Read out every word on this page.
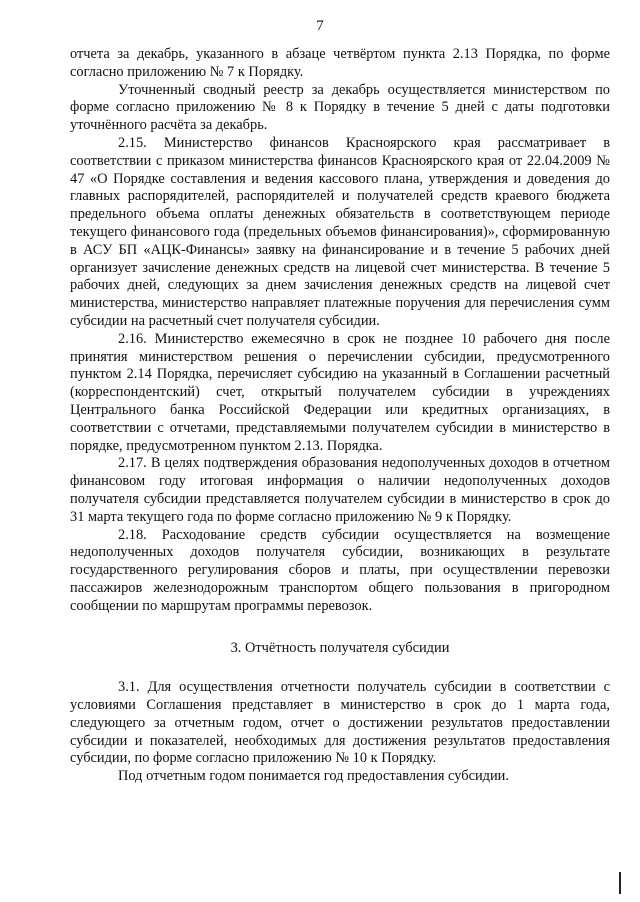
7

отчета за декабрь, указанного в абзаце четвёртом пункта 2.13 Порядка, по форме согласно приложению № 7 к Порядку.

Уточненный сводный реестр за декабрь осуществляется министерством по форме согласно приложению № 8 к Порядку в течение 5 дней с даты подготовки уточнённого расчёта за декабрь.

2.15. Министерство финансов Красноярского края рассматривает в соответствии с приказом министерства финансов Красноярского края от 22.04.2009 № 47 «О Порядке составления и ведения кассового плана, утверждения и доведения до главных распорядителей, распорядителей и получателей средств краевого бюджета предельного объема оплаты денежных обязательств в соответствующем периоде текущего финансового года (предельных объемов финансирования)», сформированную в АСУ БП «АЦК-Финансы» заявку на финансирование и в течение 5 рабочих дней организует зачисление денежных средств на лицевой счет министерства. В течение 5 рабочих дней, следующих за днем зачисления денежных средств на лицевой счет министерства, министерство направляет платежные поручения для перечисления сумм субсидии на расчетный счет получателя субсидии.

2.16. Министерство ежемесячно в срок не позднее 10 рабочего дня после принятия министерством решения о перечислении субсидии, предусмотренного пунктом 2.14 Порядка, перечисляет субсидию на указанный в Соглашении расчетный (корреспондентский) счет, открытый получателем субсидии в учреждениях Центрального банка Российской Федерации или кредитных организациях, в соответствии с отчетами, представляемыми получателем субсидии в министерство в порядке, предусмотренном пунктом 2.13. Порядка.

2.17. В целях подтверждения образования недополученных доходов в отчетном финансовом году итоговая информация о наличии недополученных доходов получателя субсидии представляется получателем субсидии в министерство в срок до 31 марта текущего года по форме согласно приложению № 9 к Порядку.

2.18. Расходование средств субсидии осуществляется на возмещение недополученных доходов получателя субсидии, возникающих в результате государственного регулирования сборов и платы, при осуществлении перевозки пассажиров железнодорожным транспортом общего пользования в пригородном сообщении по маршрутам программы перевозок.

3. Отчётность получателя субсидии

3.1. Для осуществления отчетности получатель субсидии в соответствии с условиями Соглашения представляет в министерство в срок до 1 марта года, следующего за отчетным годом, отчет о достижении результатов предоставлении субсидии и показателей, необходимых для достижения результатов предоставления субсидии, по форме согласно приложению № 10 к Порядку.

Под отчетным годом понимается год предоставления субсидии.
